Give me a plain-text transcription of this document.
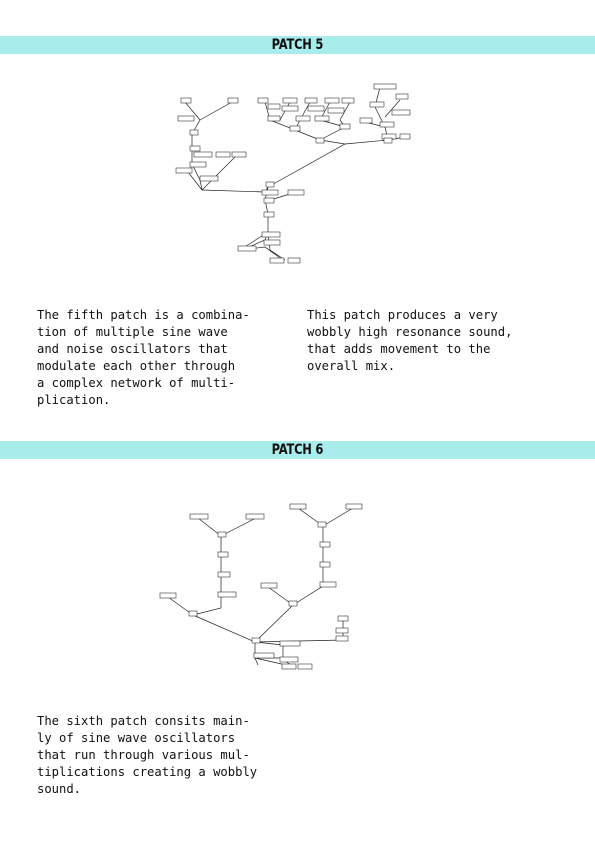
PATCH 5
The fifth patch is a combina-
tion of multiple sine wave
and noise oscillators that
modulate each other through
a complex network of multi-
plication.
This patch produces a very
wobbly high resonance sound,
that adds movement to the
overall mix.
PATCH 6
The sixth patch consits main-
ly of sine wave oscillators
that run through various mul-
tiplications creating a wobbly
sound.
